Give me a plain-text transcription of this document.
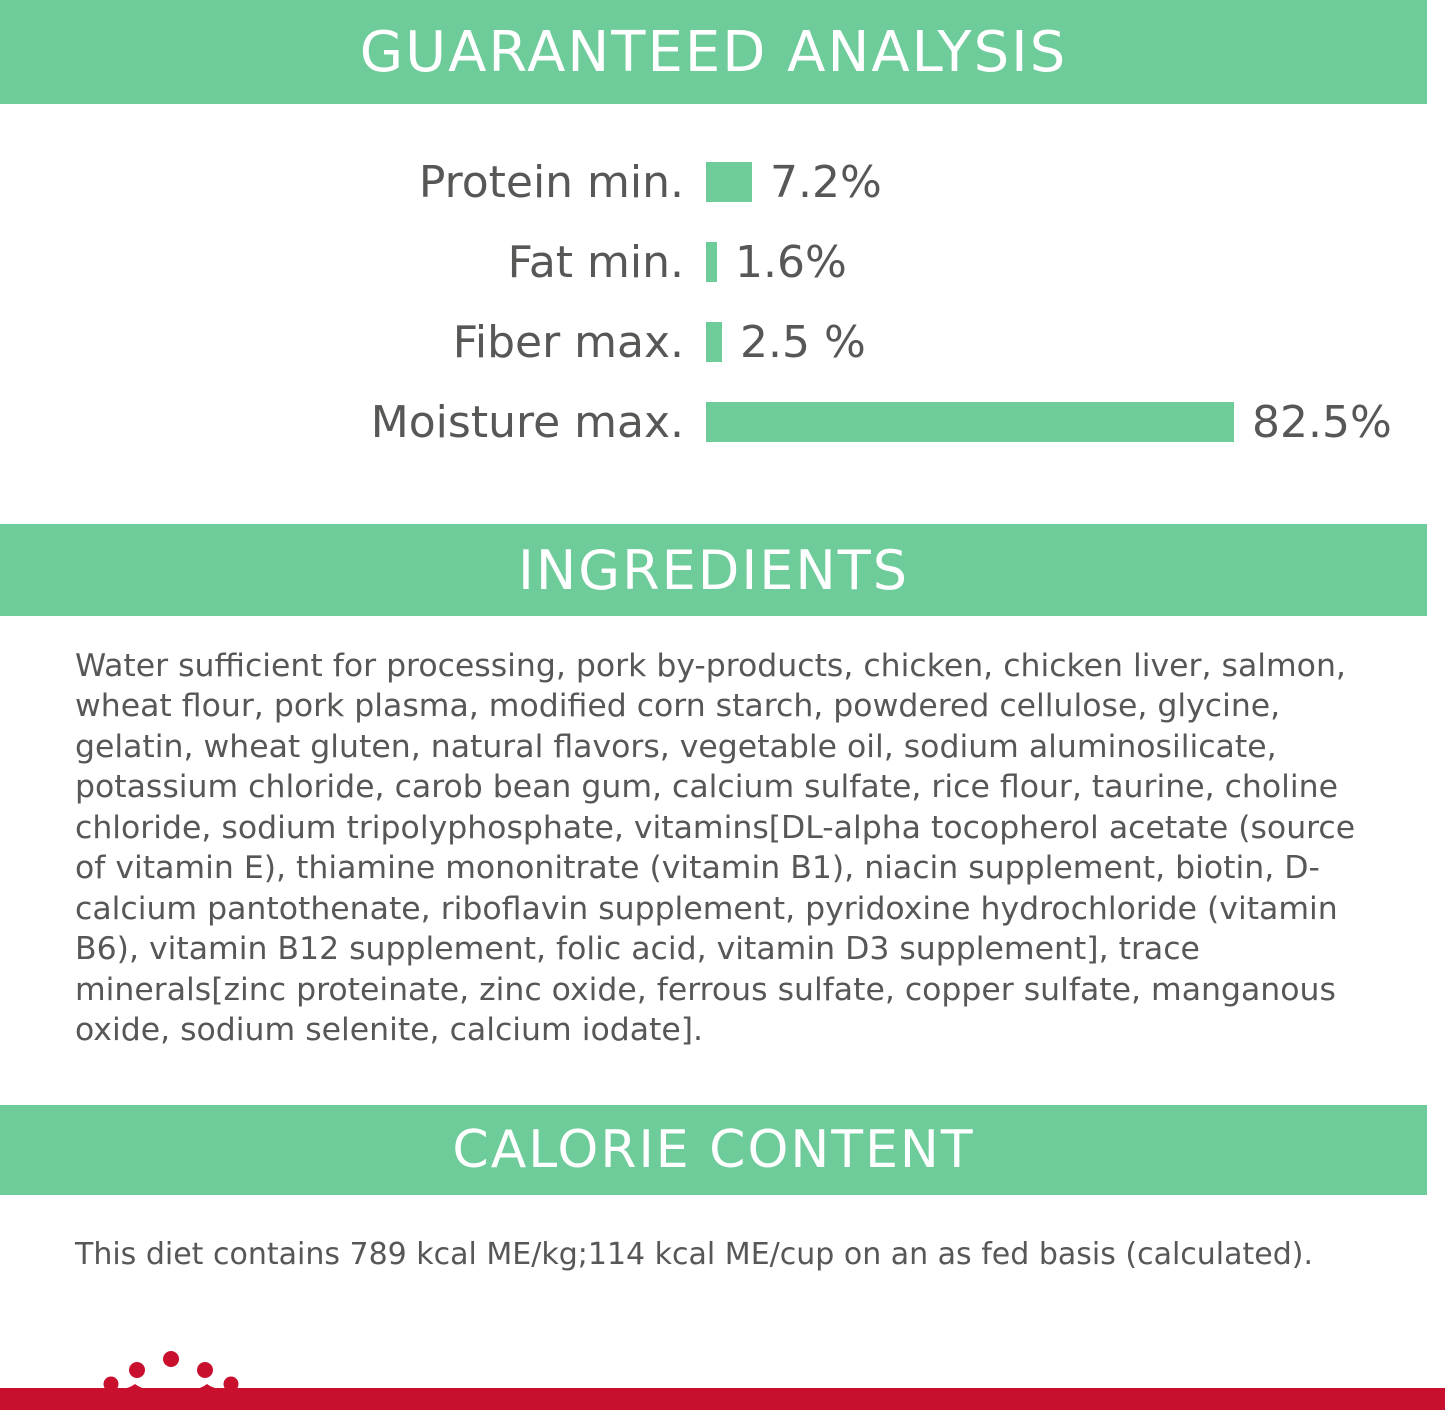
GUARANTEED ANALYSIS
Protein min.	7.2%
Fat min.	1.6%
Fiber max.	2.5 %
Moisture max.	82.5%
INGREDIENTS
Water sufficient for processing, pork by-products, chicken, chicken liver, salmon, wheat flour, pork plasma, modified corn starch, powdered cellulose, glycine, gelatin, wheat gluten, natural flavors, vegetable oil, sodium aluminosilicate, potassium chloride, carob bean gum, calcium sulfate, rice flour, taurine, choline chloride, sodium tripolyphosphate, vitamins[DL-alpha tocopherol acetate (source of vitamin E), thiamine mononitrate (vitamin B1), niacin supplement, biotin, D-calcium pantothenate, riboflavin supplement, pyridoxine hydrochloride (vitamin B6), vitamin B12 supplement, folic acid, vitamin D3 supplement], trace minerals[zinc proteinate, zinc oxide, ferrous sulfate, copper sulfate, manganous oxide, sodium selenite, calcium iodate].
CALORIE CONTENT
This diet contains 789 kcal ME/kg;114 kcal ME/cup on an as fed basis (calculated).
